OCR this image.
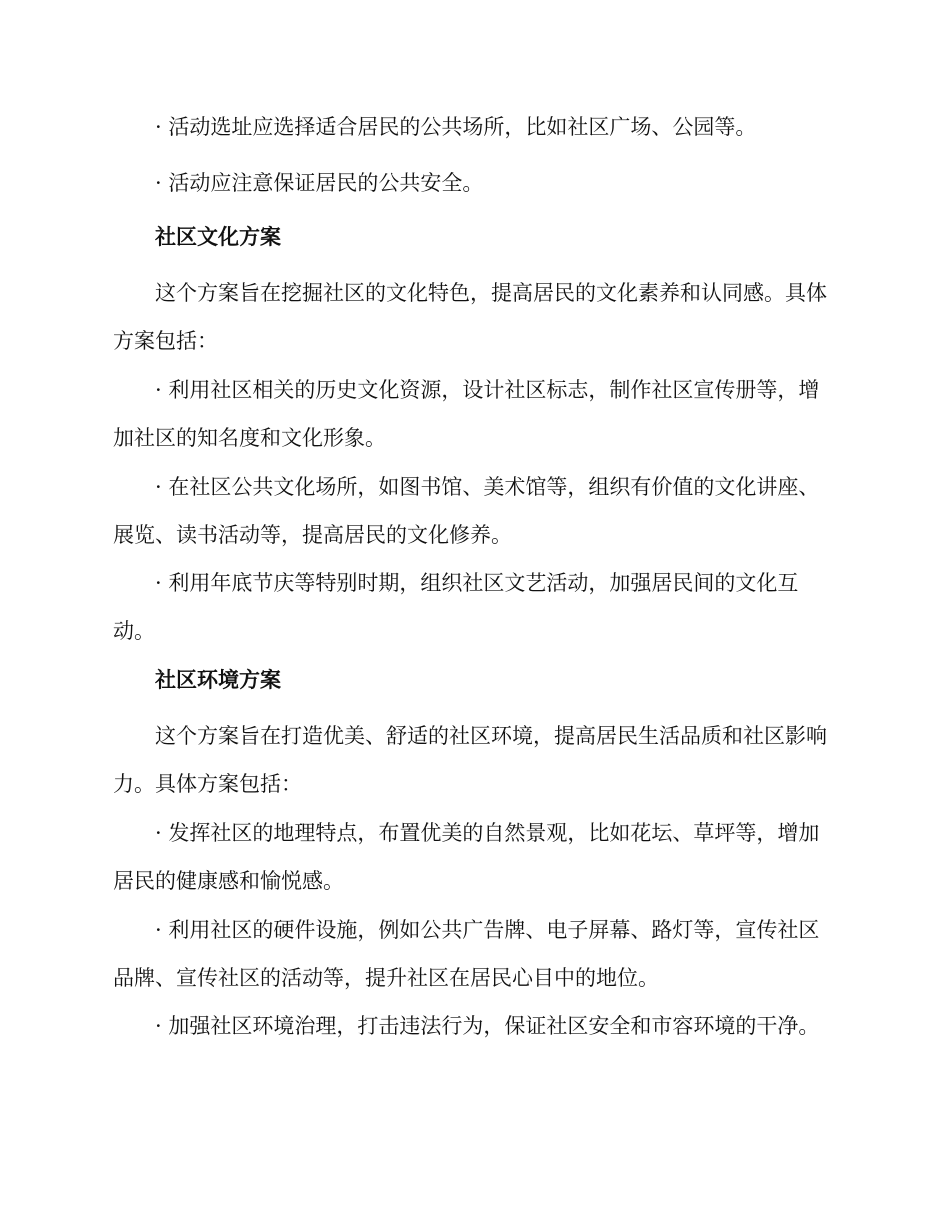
· 活动选址应选择适合居民的公共场所，比如社区广场、公园等。

· 活动应注意保证居民的公共安全。

社区文化方案

这个方案旨在挖掘社区的文化特色，提高居民的文化素养和认同感。具体方案包括：

· 利用社区相关的历史文化资源，设计社区标志，制作社区宣传册等，增加社区的知名度和文化形象。

· 在社区公共文化场所，如图书馆、美术馆等，组织有价值的文化讲座、展览、读书活动等，提高居民的文化修养。

· 利用年底节庆等特别时期，组织社区文艺活动，加强居民间的文化互动。

社区环境方案

这个方案旨在打造优美、舒适的社区环境，提高居民生活品质和社区影响力。具体方案包括：

· 发挥社区的地理特点，布置优美的自然景观，比如花坛、草坪等，增加居民的健康感和愉悦感。

· 利用社区的硬件设施，例如公共广告牌、电子屏幕、路灯等，宣传社区品牌、宣传社区的活动等，提升社区在居民心目中的地位。

· 加强社区环境治理，打击违法行为，保证社区安全和市容环境的干净。
